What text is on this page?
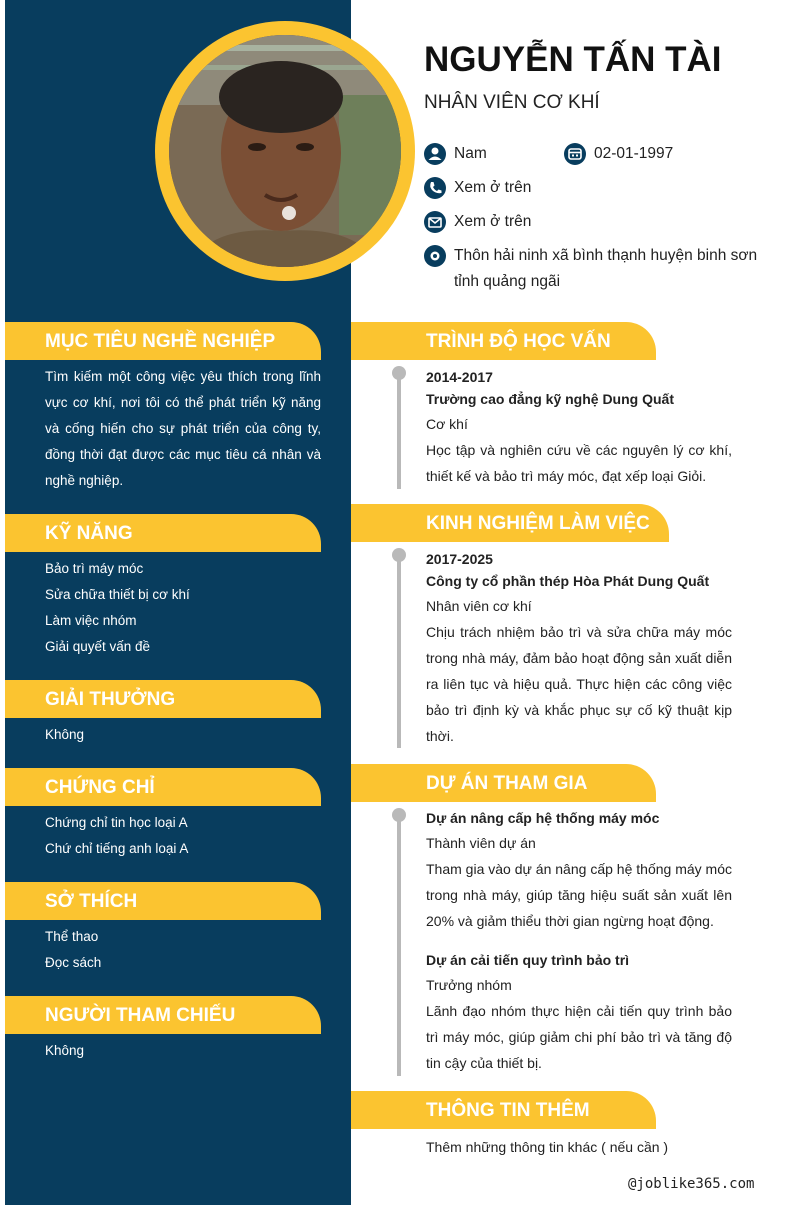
MỤC TIÊU NGHỀ NGHIỆP
Tìm kiếm một công việc yêu thích trong lĩnh vực cơ khí, nơi tôi có thể phát triển kỹ năng và cống hiến cho sự phát triển của công ty, đồng thời đạt được các mục tiêu cá nhân và nghề nghiệp.
KỸ NĂNG
Bảo trì máy móc
Sửa chữa thiết bị cơ khí
Làm việc nhóm
Giải quyết vấn đề
GIẢI THƯỞNG
Không
CHỨNG CHỈ
Chứng chỉ tin học loại A
Chứ chỉ tiếng anh loại A
SỞ THÍCH
Thể thao
Đọc sách
NGƯỜI THAM CHIẾU
Không
NGUYỄN TẤN TÀI
NHÂN VIÊN CƠ KHÍ
Nam	02-01-1997
Xem ở trên
Xem ở trên
Thôn hải ninh xã bình thạnh huyện binh sơn tỉnh quảng ngãi
TRÌNH ĐỘ HỌC VẤN
2014-2017
Trường cao đẳng kỹ nghệ Dung Quất
Cơ khí
Học tập và nghiên cứu về các nguyên lý cơ khí, thiết kế và bảo trì máy móc, đạt xếp loại Giỏi.
KINH NGHIỆM LÀM VIỆC
2017-2025
Công ty cổ phần thép Hòa Phát Dung Quất
Nhân viên cơ khí
Chịu trách nhiệm bảo trì và sửa chữa máy móc trong nhà máy, đảm bảo hoạt động sản xuất diễn ra liên tục và hiệu quả. Thực hiện các công việc bảo trì định kỳ và khắc phục sự cố kỹ thuật kịp thời.
DỰ ÁN THAM GIA
Dự án nâng cấp hệ thống máy móc
Thành viên dự án
Tham gia vào dự án nâng cấp hệ thống máy móc trong nhà máy, giúp tăng hiệu suất sản xuất lên 20% và giảm thiểu thời gian ngừng hoạt động.
Dự án cải tiến quy trình bảo trì
Trưởng nhóm
Lãnh đạo nhóm thực hiện cải tiến quy trình bảo trì máy móc, giúp giảm chi phí bảo trì và tăng độ tin cậy của thiết bị.
THÔNG TIN THÊM
Thêm những thông tin khác ( nếu cần )
@joblike365.com
